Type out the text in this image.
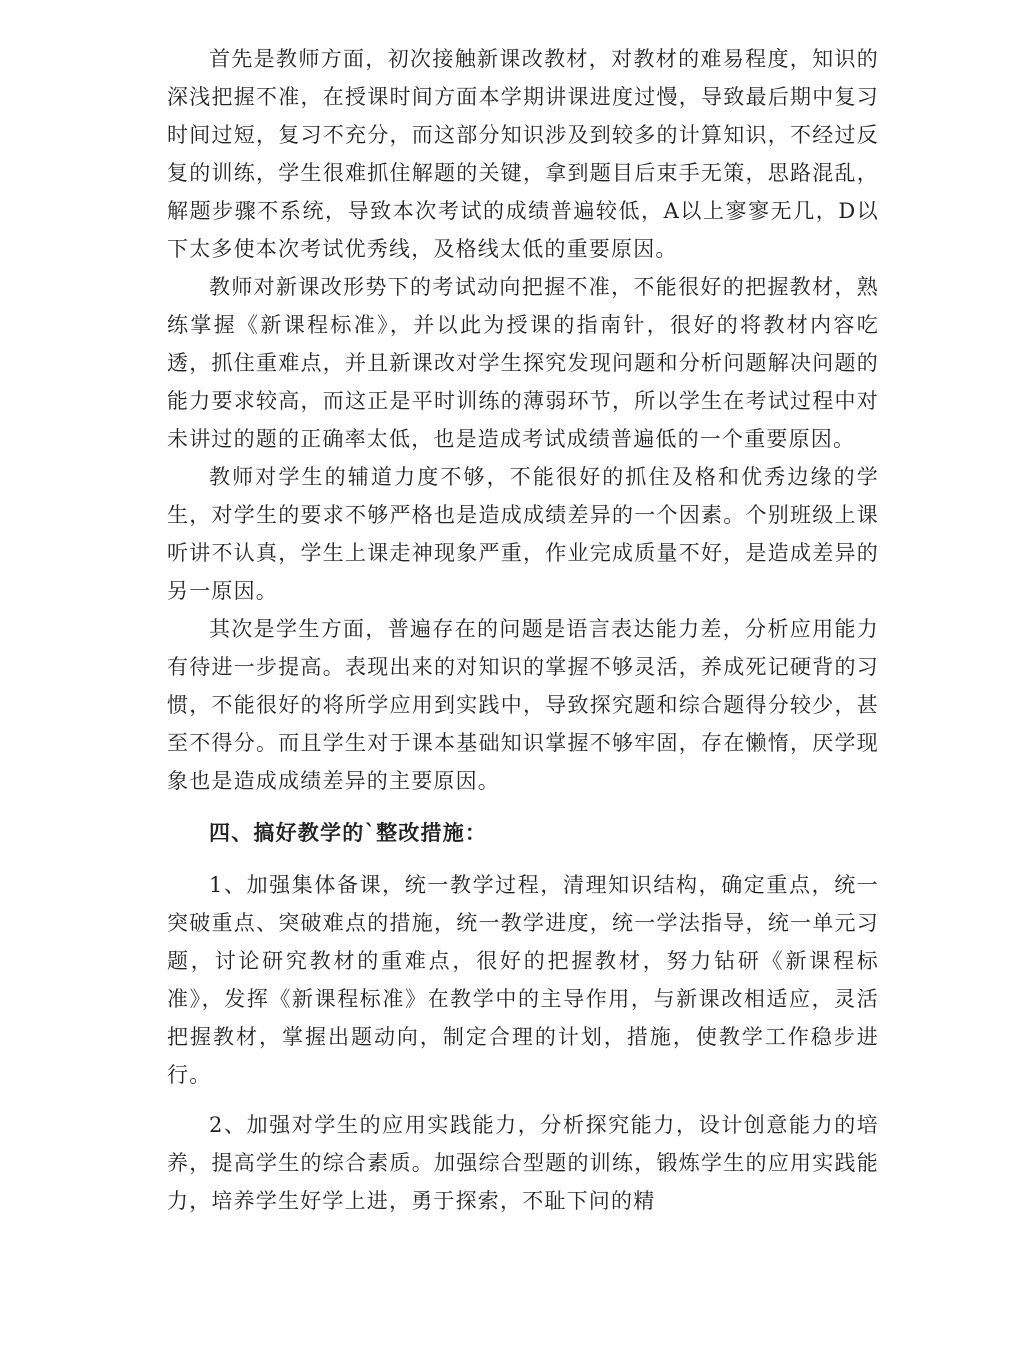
首先是教师方面，初次接触新课改教材，对教材的难易程度，知识的深浅把握不准，在授课时间方面本学期讲课进度过慢，导致最后期中复习时间过短，复习不充分，而这部分知识涉及到较多的计算知识，不经过反复的训练，学生很难抓住解题的关键，拿到题目后束手无策，思路混乱，解题步骤不系统，导致本次考试的成绩普遍较低，A以上寥寥无几，D以下太多使本次考试优秀线，及格线太低的重要原因。

教师对新课改形势下的考试动向把握不准，不能很好的把握教材，熟练掌握《新课程标准》，并以此为授课的指南针，很好的将教材内容吃透，抓住重难点，并且新课改对学生探究发现问题和分析问题解决问题的能力要求较高，而这正是平时训练的薄弱环节，所以学生在考试过程中对未讲过的题的正确率太低，也是造成考试成绩普遍低的一个重要原因。

教师对学生的辅道力度不够，不能很好的抓住及格和优秀边缘的学生，对学生的要求不够严格也是造成成绩差异的一个因素。个别班级上课听讲不认真，学生上课走神现象严重，作业完成质量不好，是造成差异的另一原因。

其次是学生方面，普遍存在的问题是语言表达能力差，分析应用能力有待进一步提高。表现出来的对知识的掌握不够灵活，养成死记硬背的习惯，不能很好的将所学应用到实践中，导致探究题和综合题得分较少，甚至不得分。而且学生对于课本基础知识掌握不够牢固，存在懒惰，厌学现象也是造成成绩差异的主要原因。

四、搞好教学的`整改措施：

1、加强集体备课，统一教学过程，清理知识结构，确定重点，统一突破重点、突破难点的措施，统一教学进度，统一学法指导，统一单元习题，讨论研究教材的重难点，很好的把握教材，努力钻研《新课程标准》，发挥《新课程标准》在教学中的主导作用，与新课改相适应，灵活把握教材，掌握出题动向，制定合理的计划，措施，使教学工作稳步进行。

2、加强对学生的应用实践能力，分析探究能力，设计创意能力的培养，提高学生的综合素质。加强综合型题的训练，锻炼学生的应用实践能力，培养学生好学上进，勇于探索，不耻下问的精
